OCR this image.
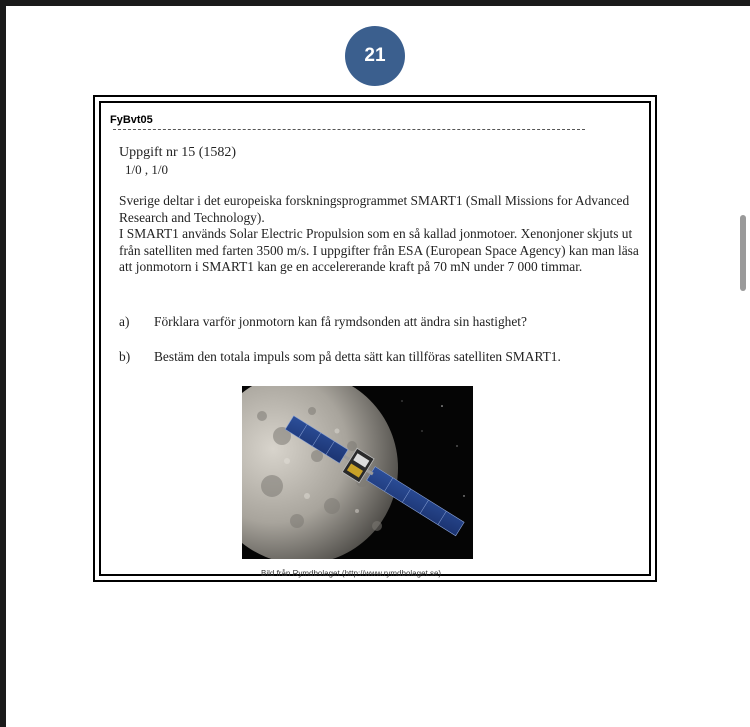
21
FyBvt05
Uppgift nr 15 (1582)
1/0 , 1/0

Sverige deltar i det europeiska forskningsprogrammet SMART1 (Small Missions for Advanced Research and Technology).

I SMART1 används Solar Electric Propulsion som en så kallad jonmotoer. Xenonjoner skjuts ut från satelliten med farten 3500 m/s. I uppgifter från ESA (European Space Agency) kan man läsa att jonmotorn i SMART1 kan ge en accelererande kraft på 70 mN under 7 000 timmar.

a) Förklara varför jonmotorn kan få rymdsonden att ändra sin hastighet?
b) Bestäm den totala impuls som på detta sätt kan tillföras satelliten SMART1.
Bild från Rymdbolaget (http://www.rymdbolaget.se)
